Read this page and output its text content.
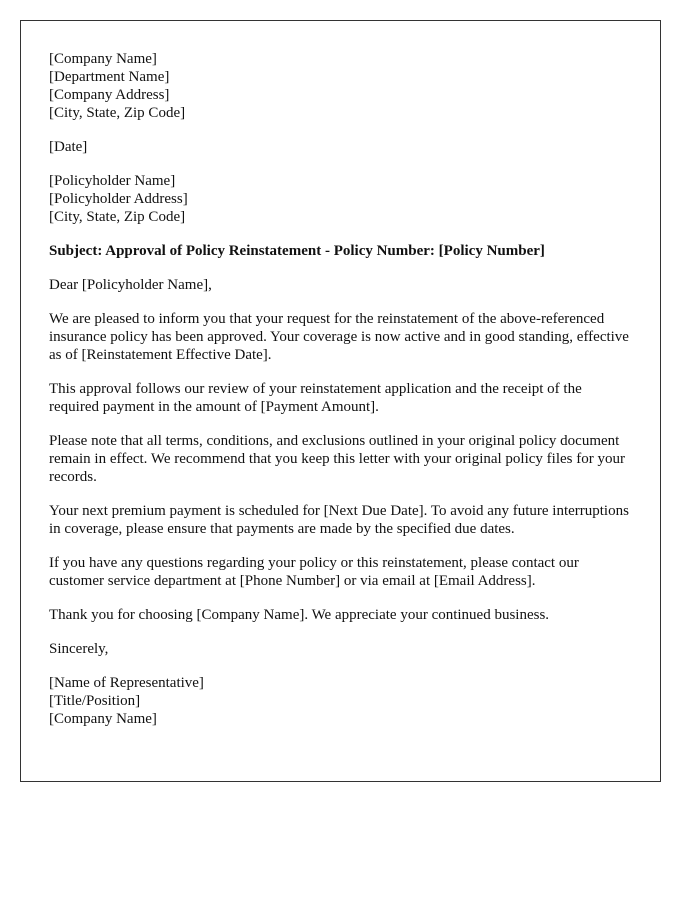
[Company Name]
[Department Name]
[Company Address]
[City, State, Zip Code]
[Date]
[Policyholder Name]
[Policyholder Address]
[City, State, Zip Code]
Subject: Approval of Policy Reinstatement - Policy Number: [Policy Number]
Dear [Policyholder Name],

We are pleased to inform you that your request for the reinstatement of the above-referenced insurance policy has been approved. Your coverage is now active and in good standing, effective as of [Reinstatement Effective Date].

This approval follows our review of your reinstatement application and the receipt of the required payment in the amount of [Payment Amount].

Please note that all terms, conditions, and exclusions outlined in your original policy document remain in effect. We recommend that you keep this letter with your original policy files for your records.

Your next premium payment is scheduled for [Next Due Date]. To avoid any future interruptions in coverage, please ensure that payments are made by the specified due dates.

If you have any questions regarding your policy or this reinstatement, please contact our customer service department at [Phone Number] or via email at [Email Address].

Thank you for choosing [Company Name]. We appreciate your continued business.

Sincerely,
[Name of Representative]
[Title/Position]
[Company Name]
